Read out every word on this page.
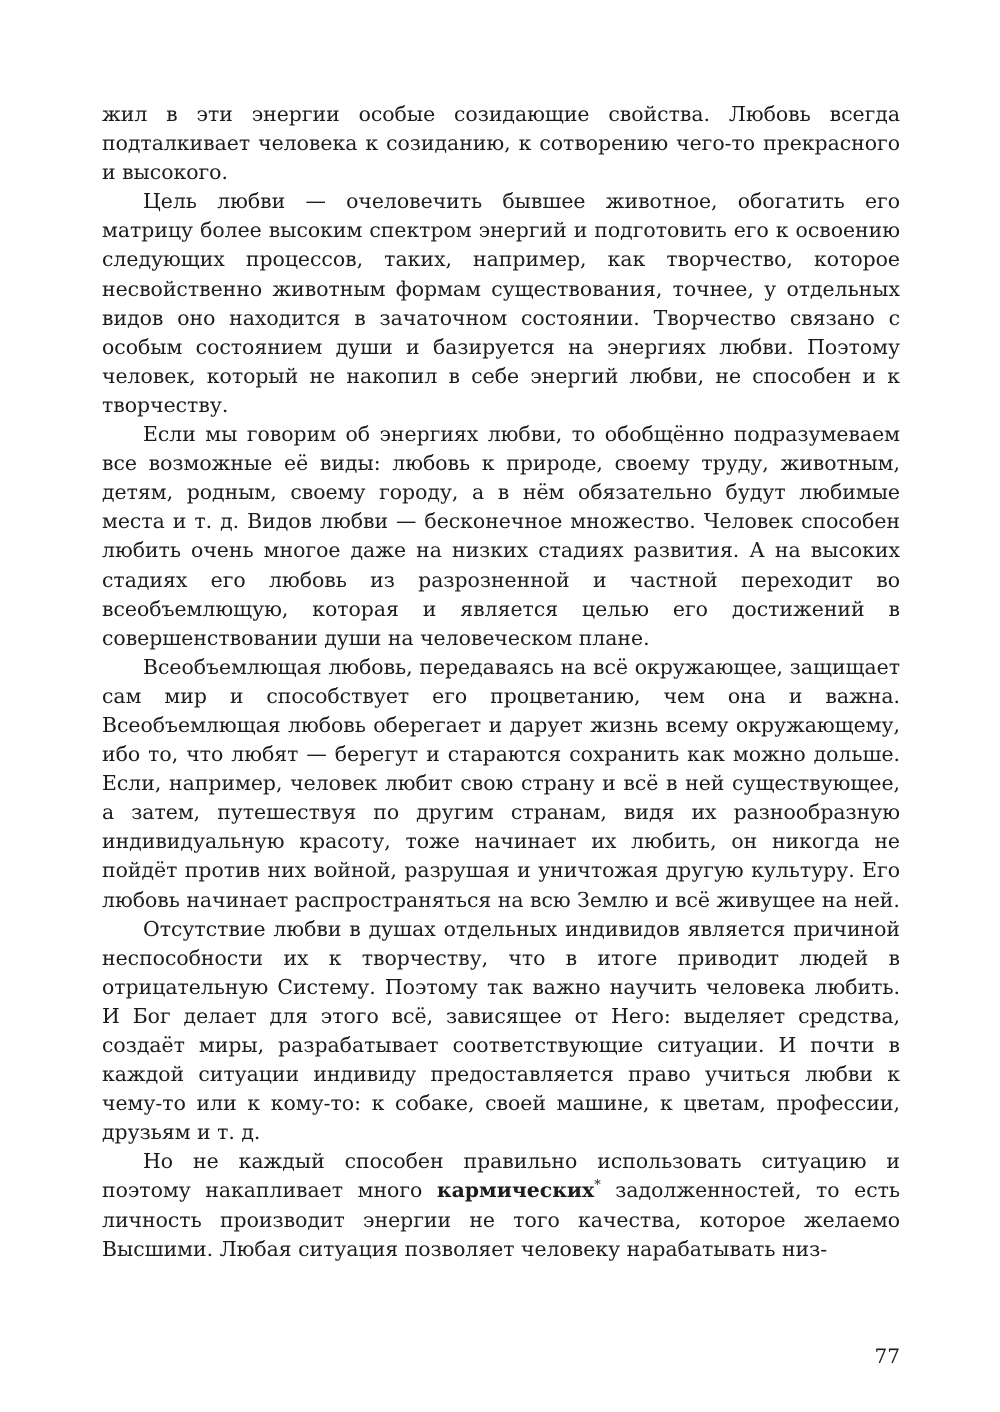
жил в эти энергии особые созидающие свойства. Любовь всегда подталкивает человека к созиданию, к сотворению чего-то прекрасного и высокого.

Цель любви — очеловечить бывшее животное, обогатить его матрицу более высоким спектром энергий и подготовить его к освоению следующих процессов, таких, например, как творчество, которое несвойственно животным формам существования, точнее, у отдельных видов оно находится в зачаточном состоянии. Творчество связано с особым состоянием души и базируется на энергиях любви. Поэтому человек, который не накопил в себе энергий любви, не способен и к творчеству.

Если мы говорим об энергиях любви, то обобщённо подразумеваем все возможные её виды: любовь к природе, своему труду, животным, детям, родным, своему городу, а в нём обязательно будут любимые места и т. д. Видов любви — бесконечное множество. Человек способен любить очень многое даже на низких стадиях развития. А на высоких стадиях его любовь из разрозненной и частной переходит во всеобъемлющую, которая и является целью его достижений в совершенствовании души на человеческом плане.

Всеобъемлющая любовь, передаваясь на всё окружающее, защищает сам мир и способствует его процветанию, чем она и важна. Всеобъемлющая любовь оберегает и дарует жизнь всему окружающему, ибо то, что любят — берегут и стараются сохранить как можно дольше. Если, например, человек любит свою страну и всё в ней существующее, а затем, путешествуя по другим странам, видя их разнообразную индивидуальную красоту, тоже начинает их любить, он никогда не пойдёт против них войной, разрушая и уничтожая другую культуру. Его любовь начинает распространяться на всю Землю и всё живущее на ней.

Отсутствие любви в душах отдельных индивидов является причиной неспособности их к творчеству, что в итоге приводит людей в отрицательную Систему. Поэтому так важно научить человека любить. И Бог делает для этого всё, зависящее от Него: выделяет средства, создаёт миры, разрабатывает соответствующие ситуации. И почти в каждой ситуации индивиду предоставляется право учиться любви к чему-то или к кому-то: к собаке, своей машине, к цветам, профессии, друзьям и т. д.

Но не каждый способен правильно использовать ситуацию и поэтому накапливает много кармических* задолженностей, то есть личность производит энергии не того качества, которое желаемо Высшими. Любая ситуация позволяет человеку нарабатывать низ-

77
